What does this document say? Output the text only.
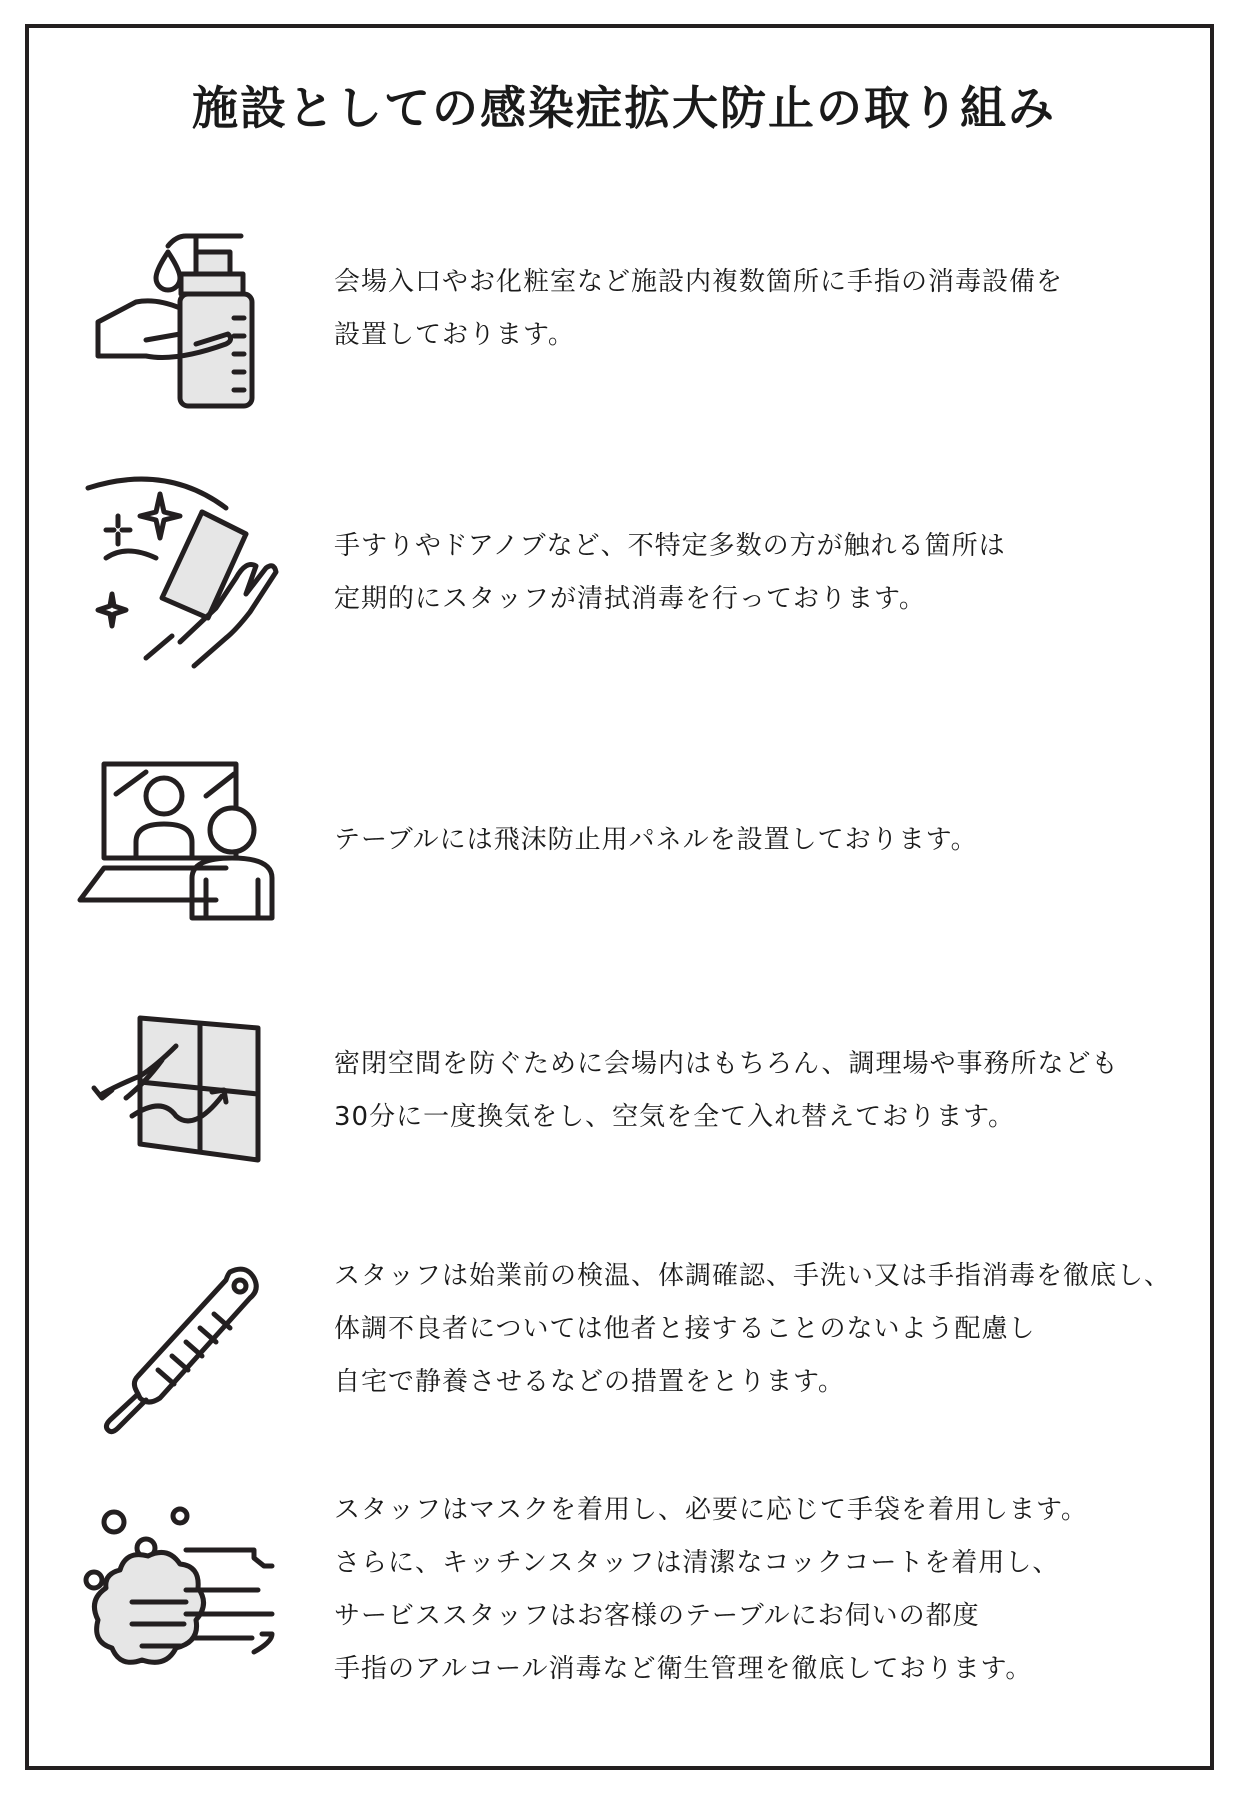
施設としての感染症拡大防止の取り組み

会場入口やお化粧室など施設内複数箇所に手指の消毒設備を
設置しております。

手すりやドアノブなど、不特定多数の方が触れる箇所は
定期的にスタッフが清拭消毒を行っております。

テーブルには飛沫防止用パネルを設置しております。

密閉空間を防ぐために会場内はもちろん、調理場や事務所なども
30分に一度換気をし、空気を全て入れ替えております。

スタッフは始業前の検温、体調確認、手洗い又は手指消毒を徹底し、
体調不良者については他者と接することのないよう配慮し
自宅で静養させるなどの措置をとります。

スタッフはマスクを着用し、必要に応じて手袋を着用します。
さらに、キッチンスタッフは清潔なコックコートを着用し、
サービススタッフはお客様のテーブルにお伺いの都度
手指のアルコール消毒など衛生管理を徹底しております。
